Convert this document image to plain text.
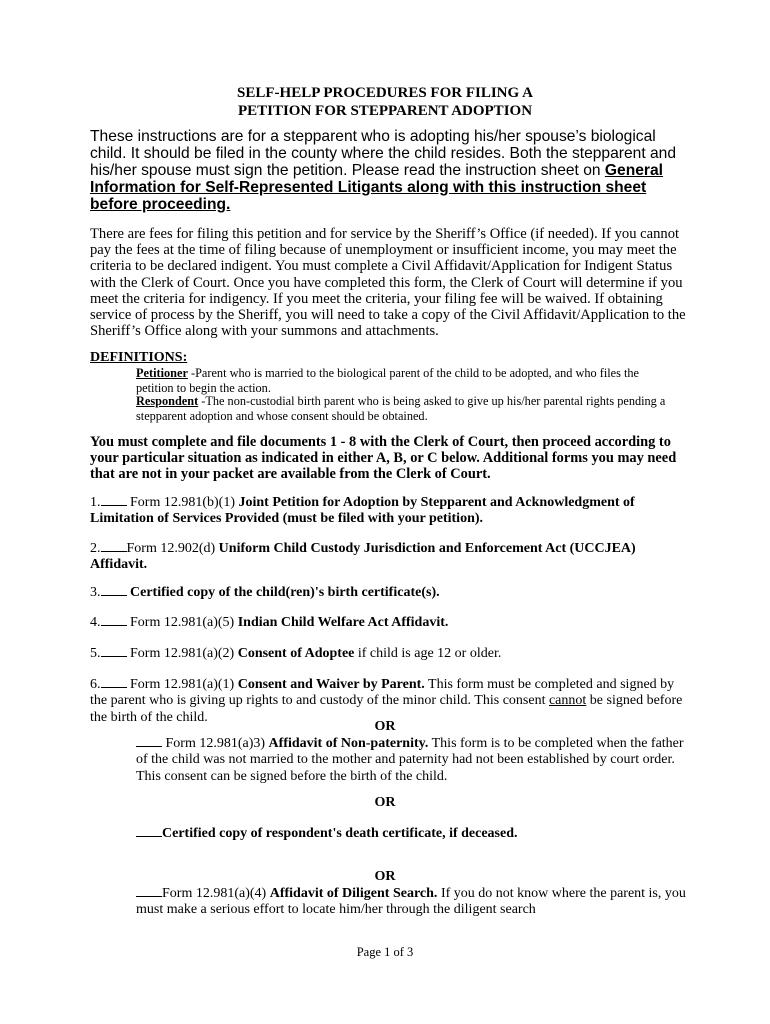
SELF-HELP PROCEDURES FOR FILING A
PETITION FOR STEPPARENT ADOPTION
These instructions are for a stepparent who is adopting his/her spouse’s biological child. It should be filed in the county where the child resides. Both the stepparent and his/her spouse must sign the petition. Please read the instruction sheet on General Information for Self-Represented Litigants along with this instruction sheet before proceeding.
There are fees for filing this petition and for service by the Sheriff’s Office (if needed). If you cannot pay the fees at the time of filing because of unemployment or insufficient income, you may meet the criteria to be declared indigent. You must complete a Civil Affidavit/Application for Indigent Status with the Clerk of Court. Once you have completed this form, the Clerk of Court will determine if you meet the criteria for indigency. If you meet the criteria, your filing fee will be waived. If obtaining service of process by the Sheriff, you will need to take a copy of the Civil Affidavit/Application to the Sheriff’s Office along with your summons and attachments.
DEFINITIONS:
Petitioner -Parent who is married to the biological parent of the child to be adopted, and who files the petition to begin the action.
Respondent -The non-custodial birth parent who is being asked to give up his/her parental rights pending a stepparent adoption and whose consent should be obtained.
You must complete and file documents 1 - 8 with the Clerk of Court, then proceed according to your particular situation as indicated in either A, B, or C below. Additional forms you may need that are not in your packet are available from the Clerk of Court.
1. Form 12.981(b)(1) Joint Petition for Adoption by Stepparent and Acknowledgment of Limitation of Services Provided (must be filed with your petition).
2. Form 12.902(d) Uniform Child Custody Jurisdiction and Enforcement Act (UCCJEA) Affidavit.
3. Certified copy of the child(ren)'s birth certificate(s).
4. Form 12.981(a)(5) Indian Child Welfare Act Affidavit.
5. Form 12.981(a)(2) Consent of Adoptee if child is age 12 or older.
6. Form 12.981(a)(1) Consent and Waiver by Parent. This form must be completed and signed by the parent who is giving up rights to and custody of the minor child. This consent cannot be signed before the birth of the child.
OR
Form 12.981(a)3) Affidavit of Non-paternity. This form is to be completed when the father of the child was not married to the mother and paternity had not been established by court order. This consent can be signed before the birth of the child.
OR
Certified copy of respondent's death certificate, if deceased.
OR
Form 12.981(a)(4) Affidavit of Diligent Search. If you do not know where the parent is, you must make a serious effort to locate him/her through the diligent search
Page 1 of 3
